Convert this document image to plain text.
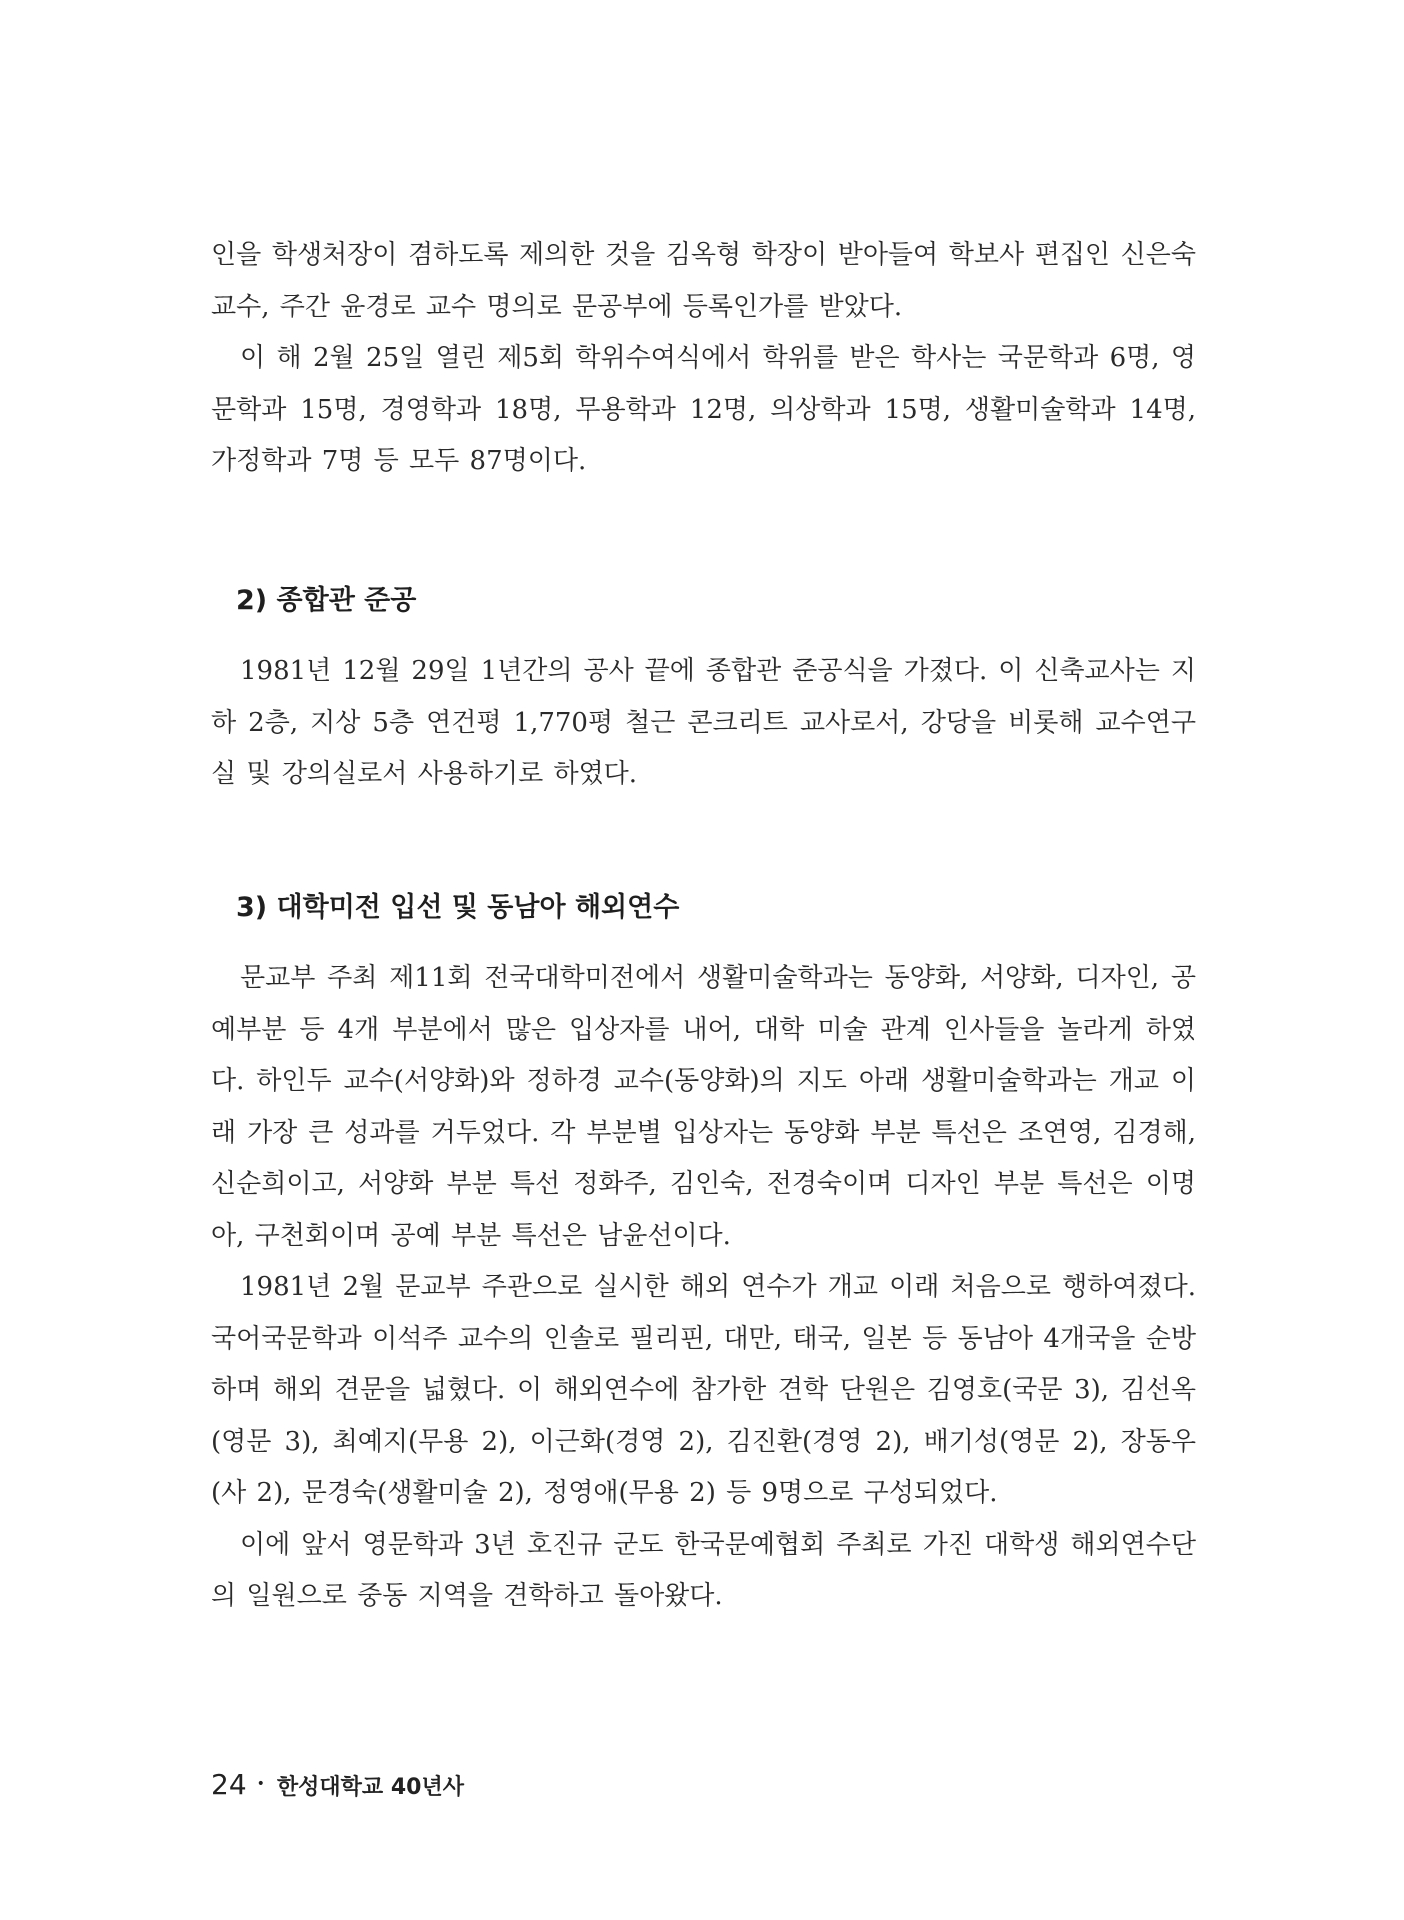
인을 학생처장이 겸하도록 제의한 것을 김옥형 학장이 받아들여 학보사 편집인 신은숙 교수, 주간 윤경로 교수 명의로 문공부에 등록인가를 받았다.

이 해 2월 25일 열린 제5회 학위수여식에서 학위를 받은 학사는 국문학과 6명, 영문학과 15명, 경영학과 18명, 무용학과 12명, 의상학과 15명, 생활미술학과 14명, 가정학과 7명 등 모두 87명이다.

2) 종합관 준공

1981년 12월 29일 1년간의 공사 끝에 종합관 준공식을 가졌다. 이 신축교사는 지하 2층, 지상 5층 연건평 1,770평 철근 콘크리트 교사로서, 강당을 비롯해 교수연구실 및 강의실로서 사용하기로 하였다.

3) 대학미전 입선 및 동남아 해외연수

문교부 주최 제11회 전국대학미전에서 생활미술학과는 동양화, 서양화, 디자인, 공예부분 등 4개 부분에서 많은 입상자를 내어, 대학 미술 관계 인사들을 놀라게 하였다. 하인두 교수(서양화)와 정하경 교수(동양화)의 지도 아래 생활미술학과는 개교 이래 가장 큰 성과를 거두었다. 각 부분별 입상자는 동양화 부분 특선은 조연영, 김경해, 신순희이고, 서양화 부분 특선 정화주, 김인숙, 전경숙이며 디자인 부분 특선은 이명아, 구천회이며 공예 부분 특선은 남윤선이다.

1981년 2월 문교부 주관으로 실시한 해외 연수가 개교 이래 처음으로 행하여졌다. 국어국문학과 이석주 교수의 인솔로 필리핀, 대만, 태국, 일본 등 동남아 4개국을 순방하며 해외 견문을 넓혔다. 이 해외연수에 참가한 견학 단원은 김영호(국문 3), 김선옥(영문 3), 최예지(무용 2), 이근화(경영 2), 김진환(경영 2), 배기성(영문 2), 장동우(사 2), 문경숙(생활미술 2), 정영애(무용 2) 등 9명으로 구성되었다.

이에 앞서 영문학과 3년 호진규 군도 한국문예협회 주최로 가진 대학생 해외연수단의 일원으로 중동 지역을 견학하고 돌아왔다.

24 • 한성대학교 40년사
